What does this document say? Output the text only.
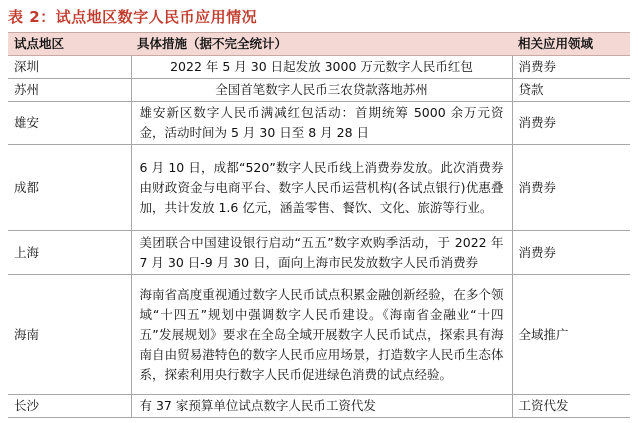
表 2：试点地区数字人民币应用情况
试点地区	具体措施（据不完全统计）	相关应用领域
深圳	2022 年 5 月 30 日起发放 3000 万元数字人民币红包	消费券
苏州	全国首笔数字人民币三农贷款落地苏州	贷款
雄安	雄安新区数字人民币满减红包活动：首期统筹 5000 余万元资金，活动时间为 5 月 30 日至 8 月 28 日	消费券
成都	6 月 10 日，成都“520”数字人民币线上消费券发放。此次消费券由财政资金与电商平台、数字人民币运营机构(各试点银行)优惠叠加，共计发放 1.6 亿元，涵盖零售、餐饮、文化、旅游等行业。	消费券
上海	美团联合中国建设银行启动“五五”数字欢购季活动，于 2022 年 7 月 30 日-9 月 30 日，面向上海市民发放数字人民币消费券	消费券
海南	海南省高度重视通过数字人民币试点积累金融创新经验，在多个领域“十四五”规划中强调数字人民币建设。《海南省金融业“十四五”发展规划》要求在全岛全域开展数字人民币试点，探索具有海南自由贸易港特色的数字人民币应用场景，打造数字人民币生态体系，探索利用央行数字人民币促进绿色消费的试点经验。	全域推广
长沙	有 37 家预算单位试点数字人民币工资代发	工资代发
